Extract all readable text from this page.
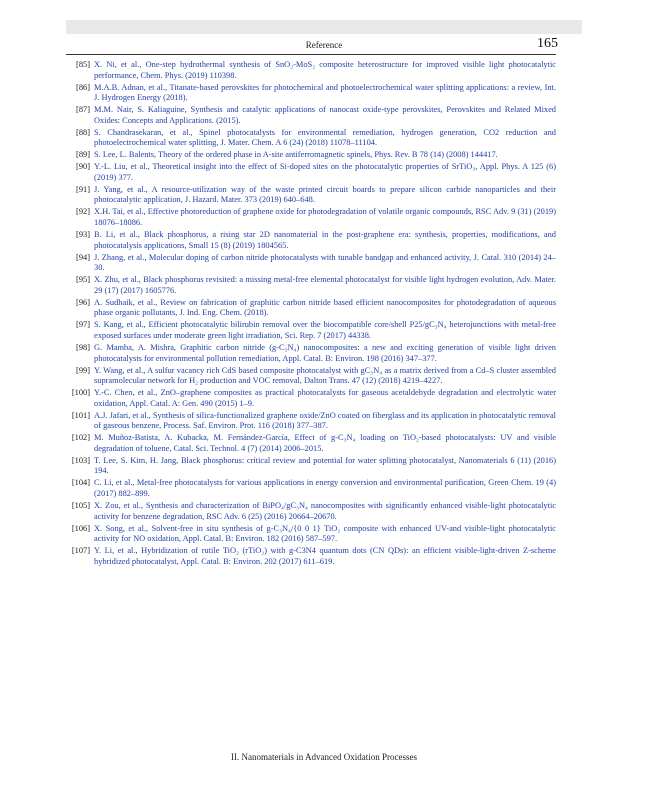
Reference	165
[85] X. Ni, et al., One-step hydrothermal synthesis of SnO₂-MoS₂ composite heterostructure for improved visible light photocatalytic performance, Chem. Phys. (2019) 110398.
[86] M.A.B. Adnan, et al., Titanate-based perovskites for photochemical and photoelectrochemical water splitting applications: a review, Int. J. Hydrogen Energy (2018).
[87] M.M. Nair, S. Kaliaguine, Synthesis and catalytic applications of nanocast oxide-type perovskites, Perovskites and Related Mixed Oxides: Concepts and Applications. (2015).
[88] S. Chandrasekaran, et al., Spinel photocatalysts for environmental remediation, hydrogen generation, CO2 reduction and photoelectrochemical water splitting, J. Mater. Chem. A 6 (24) (2018) 11078–11104.
[89] S. Lee, L. Balents, Theory of the ordered phase in A-site antiferromagnetic spinels, Phys. Rev. B 78 (14) (2008) 144417.
[90] Y.-L. Liu, et al., Theoretical insight into the effect of Si-doped sites on the photocatalytic properties of SrTiO₃, Appl. Phys. A 125 (6) (2019) 377.
[91] J. Yang, et al., A resource-utilization way of the waste printed circuit boards to prepare silicon carbide nanoparticles and their photocatalytic application, J. Hazard. Mater. 373 (2019) 640–648.
[92] X.H. Tai, et al., Effective photoreduction of graphene oxide for photodegradation of volatile organic compounds, RSC Adv. 9 (31) (2019) 18076–18086.
[93] B. Li, et al., Black phosphorus, a rising star 2D nanomaterial in the post-graphene era: synthesis, properties, modifications, and photocatalysis applications, Small 15 (8) (2019) 1804565.
[94] J. Zhang, et al., Molecular doping of carbon nitride photocatalysts with tunable bandgap and enhanced activity, J. Catal. 310 (2014) 24–30.
[95] X. Zhu, et al., Black phosphorus revisited: a missing metal-free elemental photocatalyst for visible light hydrogen evolution, Adv. Mater. 29 (17) (2017) 1605776.
[96] A. Sudhaik, et al., Review on fabrication of graphitic carbon nitride based efficient nanocomposites for photodegradation of aqueous phase organic pollutants, J. Ind. Eng. Chem. (2018).
[97] S. Kang, et al., Efficient photocatalytic bilirubin removal over the biocompatible core/shell P25/gC₃N₄ heterojunctions with metal-free exposed surfaces under moderate green light irradiation, Sci. Rep. 7 (2017) 44338.
[98] G. Mamba, A. Mishra, Graphitic carbon nitride (g-C₃N₄) nanocomposites: a new and exciting generation of visible light driven photocatalysts for environmental pollution remediation, Appl. Catal. B: Environ. 198 (2016) 347–377.
[99] Y. Wang, et al., A sulfur vacancy rich CdS based composite photocatalyst with gC₃N₄ as a matrix derived from a Cd–S cluster assembled supramolecular network for H₂ production and VOC removal, Dalton Trans. 47 (12) (2018) 4219–4227.
[100] Y.-C. Chen, et al., ZnO–graphene composites as practical photocatalysts for gaseous acetaldehyde degradation and electrolytic water oxidation, Appl. Catal. A: Gen. 490 (2015) 1–9.
[101] A.J. Jafari, et al., Synthesis of silica-functionalized graphene oxide/ZnO coated on fiberglass and its application in photocatalytic removal of gaseous benzene, Process. Saf. Environ. Prot. 116 (2018) 377–387.
[102] M. Muñoz-Batista, A. Kubacka, M. Fernández-García, Effect of g-C₃N₄ loading on TiO₂-based photocatalysts: UV and visible degradation of toluene, Catal. Sci. Technol. 4 (7) (2014) 2006–2015.
[103] T. Lee, S. Kim, H. Jang, Black phosphorus: critical review and potential for water splitting photocatalyst, Nanomaterials 6 (11) (2016) 194.
[104] C. Li, et al., Metal-free photocatalysts for various applications in energy conversion and environmental purification, Green Chem. 19 (4) (2017) 882–899.
[105] X. Zou, et al., Synthesis and characterization of BiPO₄/gC₃N₄ nanocomposites with significantly enhanced visible-light photocatalytic activity for benzene degradation, RSC Adv. 6 (25) (2016) 20664–20670.
[106] X. Song, et al., Solvent-free in situ synthesis of g-C₃N₄/{0 0 1} TiO₂ composite with enhanced UV-and visible-light photocatalytic activity for NO oxidation, Appl. Catal. B: Environ. 182 (2016) 587–597.
[107] Y. Li, et al., Hybridization of rutile TiO₂ (rTiO₂) with g-C3N4 quantum dots (CN QDs): an efficient visible-light-driven Z-scheme hybridized photocatalyst, Appl. Catal. B: Environ. 202 (2017) 611–619.
II. Nanomaterials in Advanced Oxidation Processes
